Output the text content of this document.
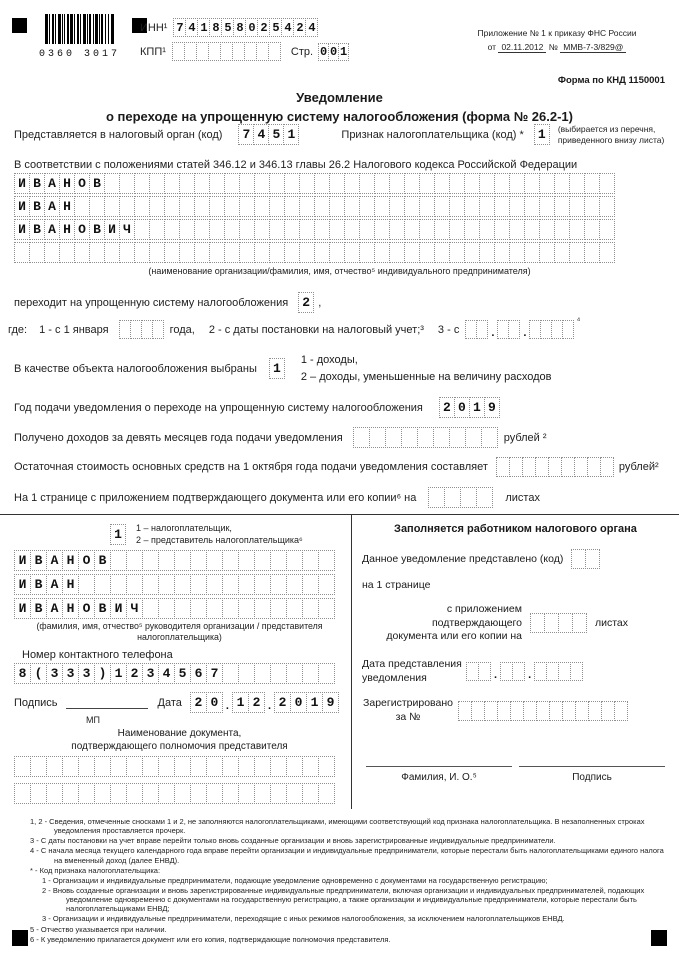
0360 3017
ИНН¹ 7 4 1 8 5 8 0 2 5 4 2 4
КПП¹	Стр. 0 0 1
Приложение № 1 к приказу ФНС России
от 02.11.2012 № ММВ-7-3/829@
Форма по КНД 1150001
Уведомление
о переходе на упрощенную систему налогообложения (форма № 26.2-1)
Представляется в налоговый орган (код)	7 4 5 1	Признак налогоплательщика (код) *	1	(выбирается из перечня,
приведенного внизу листа)
В соответствии с положениями статей 346.12 и 346.13 главы 26.2 Налогового кодекса Российской Федерации
И В А Н О В

И В А Н

И В А Н О В И Ч

(наименование организации/фамилия, имя, отчество⁵ индивидуального предпринимателя)
переходит на упрощенную систему налогообложения	2 ,
где: 1 - с 1 января	года, 2 - с даты постановки на налоговый учет;³ 3 - с	.	.
⁴
В качестве объекта налогообложения выбраны	1
1 - доходы,
2 – доходы, уменьшенные на величину расходов
Год подачи уведомления о переходе на упрощенную систему налогообложения	2 0 1 9
Получено доходов за девять месяцев года подачи уведомления	рублей ²
Остаточная стоимость основных средств на 1 октября года подачи уведомления составляет	рублей²
На 1 странице с приложением подтверждающего документа или его копии⁶ на	листах
1	1 – налогоплательщик,
2 – представитель налогоплательщика⁶
И В А Н О В

И В А Н

И В А Н О В И Ч
(фамилия, имя, отчество⁵ руководителя организации / представителя
налогоплательщика)
Номер контактного телефона
8 ( 3 3 3 ) 1 2 3 4 5 6 7
Подпись	Дата 2 0 . 1 2 . 2 0 1 9
МП
Наименование документа,
подтверждающего полномочия представителя

Заполняется работником налогового органа
Данное уведомление представлено (код)
на 1 странице
с приложением подтверждающего
документа или его копии на
листах
Дата представления
уведомления	.	.
Зарегистрировано
за №
Фамилия, И. О.⁵	Подпись
1, 2 - Сведения, отмеченные сносками 1 и 2, не заполняются налогоплательщиками, имеющими соответствующий код признака налогоплательщика. В незаполненных строках уведомления проставляется прочерк.
3 - С даты постановки на учет вправе перейти только вновь созданные организации и вновь зарегистрированные индивидуальные предприниматели.
4 - С начала месяца текущего календарного года вправе перейти организации и индивидуальные предприниматели, которые перестали быть налогоплательщиками единого налога на вмененный доход (далее ЕНВД).
* - Код признака налогоплательщика:
1 - Организации и индивидуальные предприниматели, подающие уведомление одновременно с документами на государственную регистрацию;
2 - Вновь созданные организации и вновь зарегистрированные индивидуальные предприниматели, включая организации и индивидуальных предпринимателей, подающих уведомление одновременно с документами на государственную регистрацию, а также организации и индивидуальные предприниматели, которые перестали быть налогоплательщиками ЕНВД;
3 - Организации и индивидуальные предприниматели, переходящие с иных режимов налогообложения, за исключением налогоплательщиков ЕНВД.
5 - Отчество указывается при наличии.
6 - К уведомлению прилагается документ или его копия, подтверждающие полномочия представителя.
